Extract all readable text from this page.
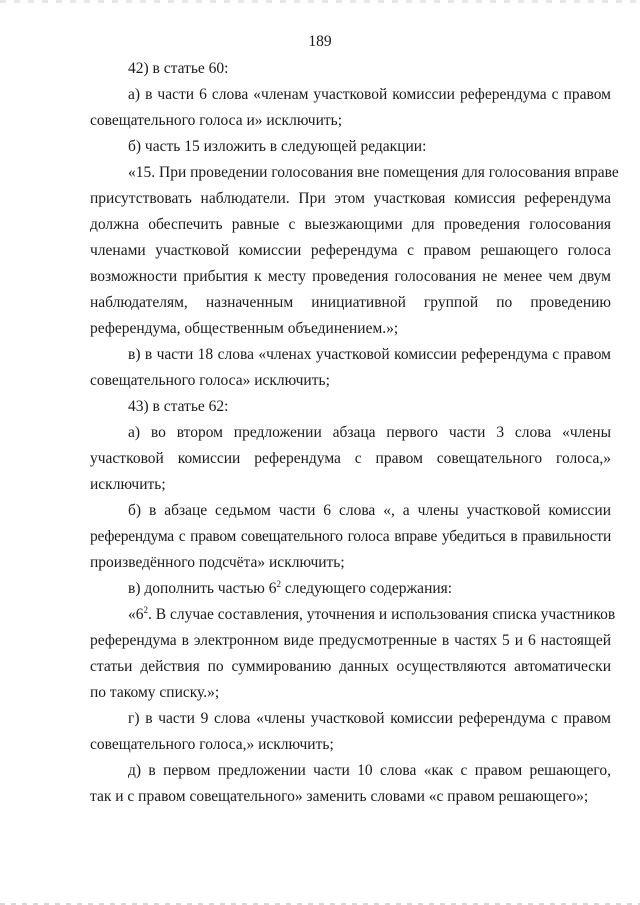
189
42) в статье 60:
а) в части 6 слова «членам участковой комиссии референдума с правом
совещательного голоса и» исключить;
б) часть 15 изложить в следующей редакции:
«15. При проведении голосования вне помещения для голосования вправе
присутствовать наблюдатели. При этом участковая комиссия референдума
должна обеспечить равные с выезжающими для проведения голосования
членами участковой комиссии референдума с правом решающего голоса
возможности прибытия к месту проведения голосования не менее чем двум
наблюдателям, назначенным инициативной группой по проведению
референдума, общественным объединением.»;
в) в части 18 слова «членах участковой комиссии референдума с правом
совещательного голоса» исключить;
43) в статье 62:
а) во втором предложении абзаца первого части 3 слова «члены
участковой комиссии референдума с правом совещательного голоса,»
исключить;
б) в абзаце седьмом части 6 слова «, а члены участковой комиссии
референдума с правом совещательного голоса вправе убедиться в правильности
произведённого подсчёта» исключить;
в) дополнить частью $6^2$ следующего содержания:
«$6^2$. В случае составления, уточнения и использования списка участников
референдума в электронном виде предусмотренные в частях 5 и 6 настоящей
статьи действия по суммированию данных осуществляются автоматически
по такому списку.»;
г) в части 9 слова «члены участковой комиссии референдума с правом
совещательного голоса,» исключить;
д) в первом предложении части 10 слова «как с правом решающего,
так и с правом совещательного» заменить словами «с правом решающего»;
